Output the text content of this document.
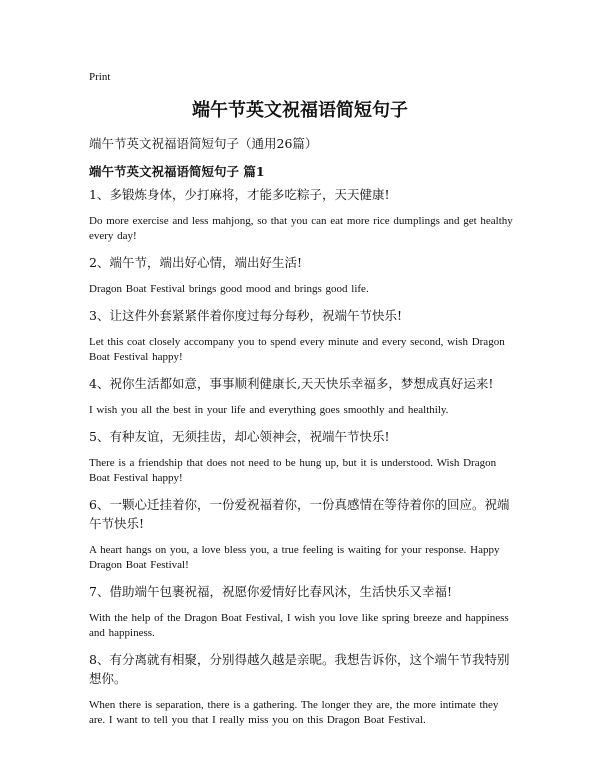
Print
端午节英文祝福语简短句子
端午节英文祝福语简短句子（通用26篇）
端午节英文祝福语简短句子 篇1

1、多锻炼身体，少打麻将，才能多吃粽子，天天健康!

Do more exercise and less mahjong, so that you can eat more rice dumplings and get healthy every day!

2、端午节，端出好心情，端出好生活!

Dragon Boat Festival brings good mood and brings good life.

3、让这件外套紧紧伴着你度过每分每秒，祝端午节快乐!

Let this coat closely accompany you to spend every minute and every second, wish Dragon Boat Festival happy!

4、祝你生活都如意，事事顺利健康长,天天快乐幸福多，梦想成真好运来!

I wish you all the best in your life and everything goes smoothly and healthily.

5、有种友谊，无须挂齿，却心领神会，祝端午节快乐!

There is a friendship that does not need to be hung up, but it is understood. Wish Dragon Boat Festival happy!

6、一颗心迁挂着你，一份爱祝福着你，一份真感情在等待着你的回应。祝端午节快乐!

A heart hangs on you, a love bless you, a true feeling is waiting for your response. Happy Dragon Boat Festival!

7、借助端午包裹祝福，祝愿你爱情好比春风沐，生活快乐又幸福!

With the help of the Dragon Boat Festival, I wish you love like spring breeze and happiness and happiness.

8、有分离就有相聚，分别得越久越是亲昵。我想告诉你，这个端午节我特别想你。

When there is separation, there is a gathering. The longer they are, the more intimate they are. I want to tell you that I really miss you on this Dragon Boat Festival.
